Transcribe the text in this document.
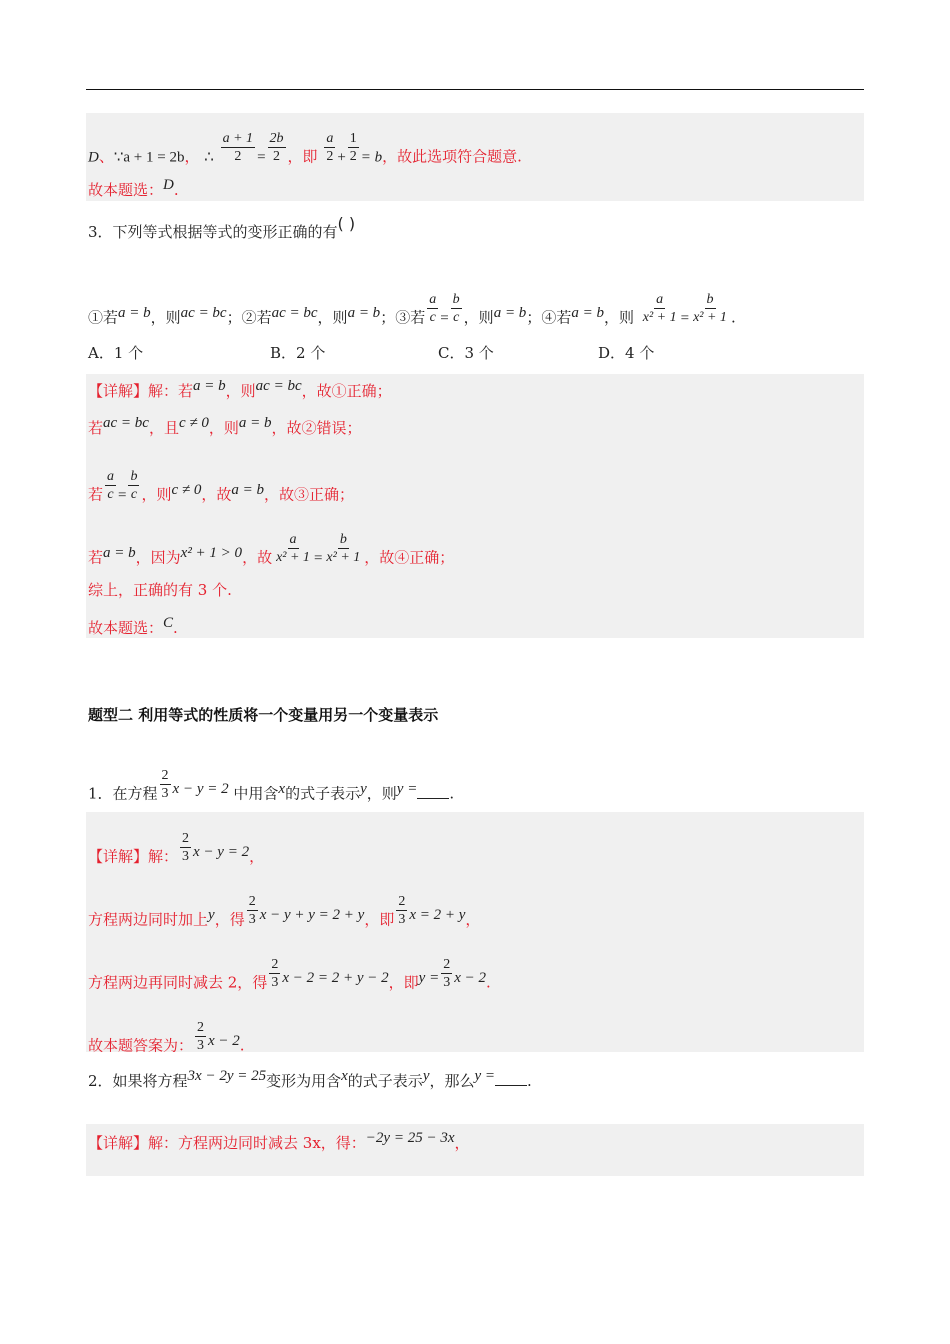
D、∵a + 1 = 2b， ∴ $\frac{a + 1}{2} = \frac{2b}{2}$ ，即 $\frac{a}{2} + \frac{1}{2} = b$，故此选项符合题意.
故本题选：D.
3．下列等式根据等式的变形正确的有( )
①若a = b，则ac = bc；②若ac = bc，则a = b；③若 $\frac{a}{c} = \frac{b}{c}$ ，则a = b；④若a = b，则 $\frac{a}{\text{x² + 1}} = \frac{b}{\text{x² + 1}}$ .
A．1 个	B．2 个	C．3 个	D．4 个
【详解】解：若a = b，则ac = bc，故①正确；
若ac = bc，且c ≠ 0，则a = b，故②错误；
若 $\frac{a}{c} = \frac{b}{c}$ ，则c ≠ 0，故a = b，故③正确；
若a = b，因为x² + 1 > 0，故 $\frac{a}{\text{x² + 1}} = \frac{b}{\text{x² + 1}}$ ，故④正确；
综上，正确的有 3 个.
故本题选：C.
题型二 利用等式的性质将一个变量用另一个变量表示
1．在方程 $\frac{2}{3}$ x − y = 2 中用含x的式子表示y，则y = .
【详解】解： $\frac{2}{3}$ x − y = 2，
方程两边同时加上y，得 $\frac{2}{3}$ x − y + y = 2 + y，即 $\frac{2}{3}$ x = 2 + y，
方程两边再同时减去 2，得 $\frac{2}{3}$ x − 2 = 2 + y − 2，即$y = \frac{2}{3}$ x − 2.
故本题答案为： $\frac{2}{3}$ x − 2.
2．如果将方程3x − 2y = 25变形为用含x的式子表示y，那么y = .
【详解】解：方程两边同时减去 3x，得：−2y = 25 − 3x，
